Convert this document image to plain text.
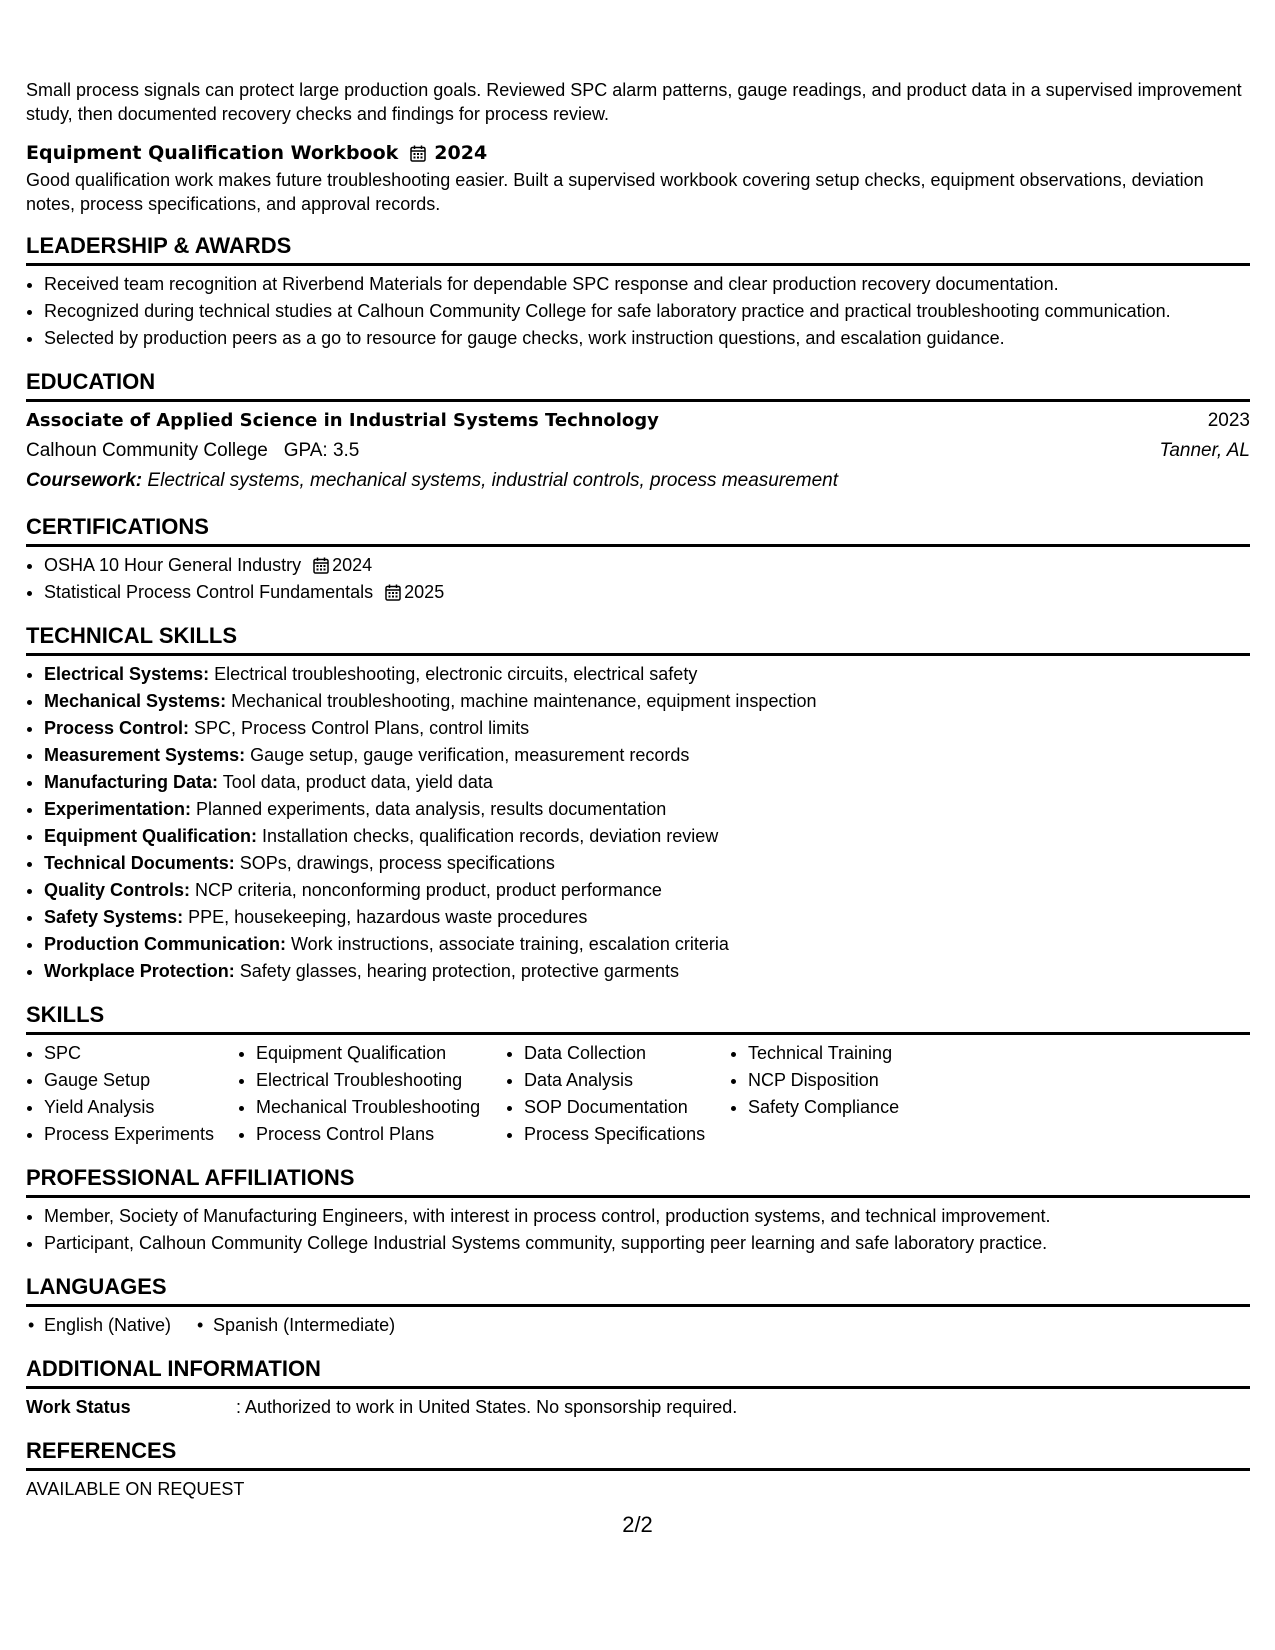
Small process signals can protect large production goals. Reviewed SPC alarm patterns, gauge readings, and product data in a supervised improvement study, then documented recovery checks and findings for process review.

Equipment Qualification Workbook 2024

Good qualification work makes future troubleshooting easier. Built a supervised workbook covering setup checks, equipment observations, deviation notes, process specifications, and approval records.

LEADERSHIP & AWARDS
• Received team recognition at Riverbend Materials for dependable SPC response and clear production recovery documentation.
• Recognized during technical studies at Calhoun Community College for safe laboratory practice and practical troubleshooting communication.
• Selected by production peers as a go to resource for gauge checks, work instruction questions, and escalation guidance.
EDUCATION
Associate of Applied Science in Industrial Systems Technology	2023
Calhoun Community College GPA: 3.5	Tanner, AL
Coursework: Electrical systems, mechanical systems, industrial controls, process measurement
CERTIFICATIONS
• OSHA 10 Hour General Industry 2024
• Statistical Process Control Fundamentals 2025
TECHNICAL SKILLS
• Electrical Systems: Electrical troubleshooting, electronic circuits, electrical safety
• Mechanical Systems: Mechanical troubleshooting, machine maintenance, equipment inspection
• Process Control: SPC, Process Control Plans, control limits
• Measurement Systems: Gauge setup, gauge verification, measurement records
• Manufacturing Data: Tool data, product data, yield data
• Experimentation: Planned experiments, data analysis, results documentation
• Equipment Qualification: Installation checks, qualification records, deviation review
• Technical Documents: SOPs, drawings, process specifications
• Quality Controls: NCP criteria, nonconforming product, product performance
• Safety Systems: PPE, housekeeping, hazardous waste procedures
• Production Communication: Work instructions, associate training, escalation criteria
• Workplace Protection: Safety glasses, hearing protection, protective garments
SKILLS
• SPC
• Gauge Setup
• Yield Analysis
• Process Experiments
• Equipment Qualification
• Electrical Troubleshooting
• Mechanical Troubleshooting
• Process Control Plans
• Data Collection
• Data Analysis
• SOP Documentation
• Process Specifications
• Technical Training
• NCP Disposition
• Safety Compliance
PROFESSIONAL AFFILIATIONS
• Member, Society of Manufacturing Engineers, with interest in process control, production systems, and technical improvement.
• Participant, Calhoun Community College Industrial Systems community, supporting peer learning and safe laboratory practice.
LANGUAGES
• English (Native)
•	Spanish (Intermediate)
ADDITIONAL INFORMATION
Work Status	: Authorized to work in United States. No sponsorship required.
REFERENCES
AVAILABLE ON REQUEST
2/2
